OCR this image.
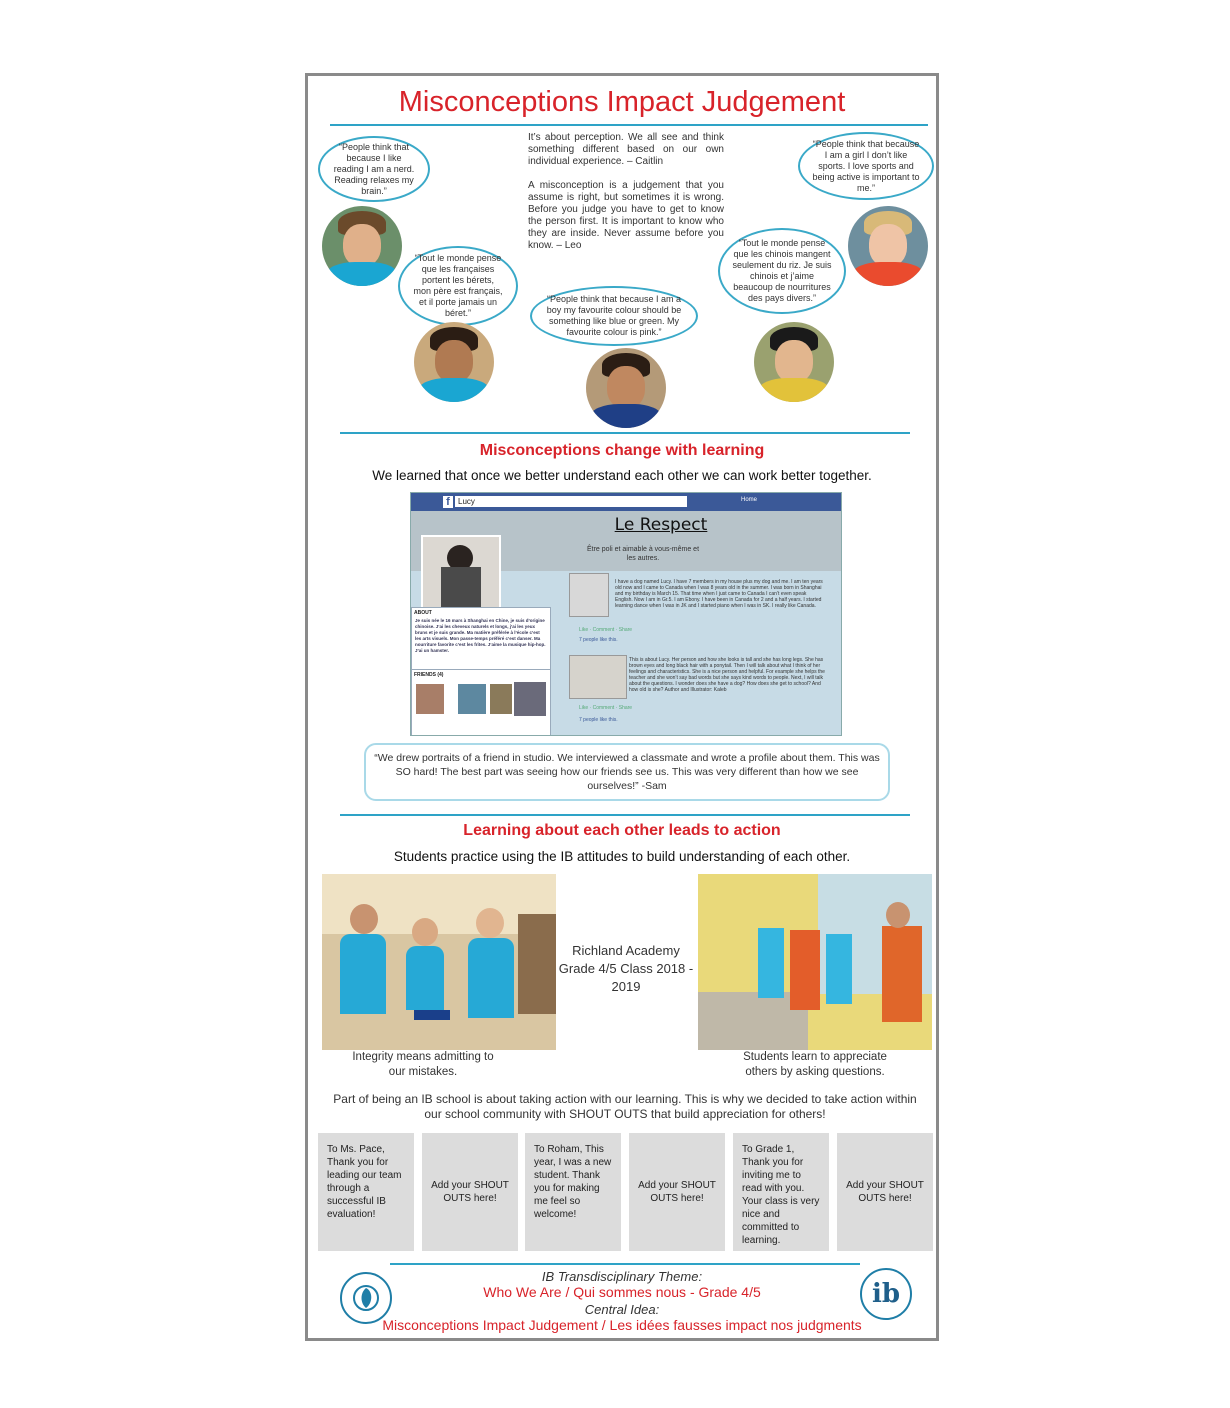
Misconceptions Impact Judgement
“People think that because I like reading I am a nerd. Reading relaxes my brain.”
“Tout le monde pense que les françaises portent les bérets, mon père est français, et il porte jamais un béret.”
“People think that because I am a boy my favourite colour should be something like blue or green. My favourite colour is pink.”
“People think that because I am a girl I don’t like sports. I love sports and being active is important to me.”
“Tout le monde pense que les chinois mangent seulement du riz. Je suis chinois et j’aime beaucoup de nourritures des pays divers.”
It’s about perception. We all see and think something different based on our own individual experience. – Caitlin
A misconception is a judgement that you assume is right, but sometimes it is wrong. Before you judge you have to get to know the person first. It is important to know who they are inside. Never assume before you know. – Leo
Misconceptions change with learning
We learned that once we better understand each other we can work better together.
f	Lucy	Home
Le Respect
Être poli et aimable à vous-même et les autres.
ABOUT
Je suis née le 16 mars à Shanghai en Chine, je suis d’origine chinoise. J’ai les cheveux naturels et longs, j’ai les yeux bruns et je suis grande. Ma matière préférée à l’école c’est les arts visuels. Mon passe-temps préféré c’est danser. Ma nourriture favorite c’est les frites. J’aime la musique hip-hop. J’ai un hamster.
FRIENDS (4)
I have a dog named Lucy. I have 7 members in my house plus my dog and me. I am ten years old now and I came to Canada when I was 8 years old in the summer. I was born in Shanghai and my birthday is March 15. That time when I just came to Canada I can’t even speak English. Now I am in Gr.5. I am Ebony. I have been in Canada for 2 and a half years. I started learning dance when I was in JK and I started piano when I was in SK. I really like Canada.
Like · Comment · Share
7 people like this.
This is about Lucy. Her person and how she looks is tall and she has long legs. She has brown eyes and long black hair with a ponytail. Then I will talk about what I think of her feelings and characteristics. She is a nice person and helpful. For example she helps the teacher and she won’t say bad words but she says kind words to people. Next, I will talk about the questions. I wonder does she have a dog? How does she get to school? And how old is she? Author and Illustrator: Kaleb
Like · Comment · Share
7 people like this.
“We drew portraits of a friend in studio. We interviewed a classmate and wrote a profile about them. This was SO hard! The best part was seeing how our friends see us. This was very different than how we see ourselves!” -Sam
Learning about each other leads to action
Students practice using the IB attitudes to build understanding of each other.
Richland Academy Grade 4/5 Class 2018 - 2019
Integrity means admitting to our mistakes.
Students learn to appreciate others by asking questions.
Part of being an IB school is about taking action with our learning. This is why we decided to take action within our school community with SHOUT OUTS that build appreciation for others!
To Ms. Pace, Thank you for leading our team through a successful IB evaluation!
Add your SHOUT OUTS here!
To Roham, This year, I was a new student. Thank you for making me feel so welcome!
Add your SHOUT OUTS here!
To Grade 1, Thank you for inviting me to read with you. Your class is very nice and committed to learning.
Add your SHOUT OUTS here!
ib
IB Transdisciplinary Theme:
Who We Are / Qui sommes nous - Grade 4/5
Central Idea:
Misconceptions Impact Judgement / Les idées fausses impact nos judgments
